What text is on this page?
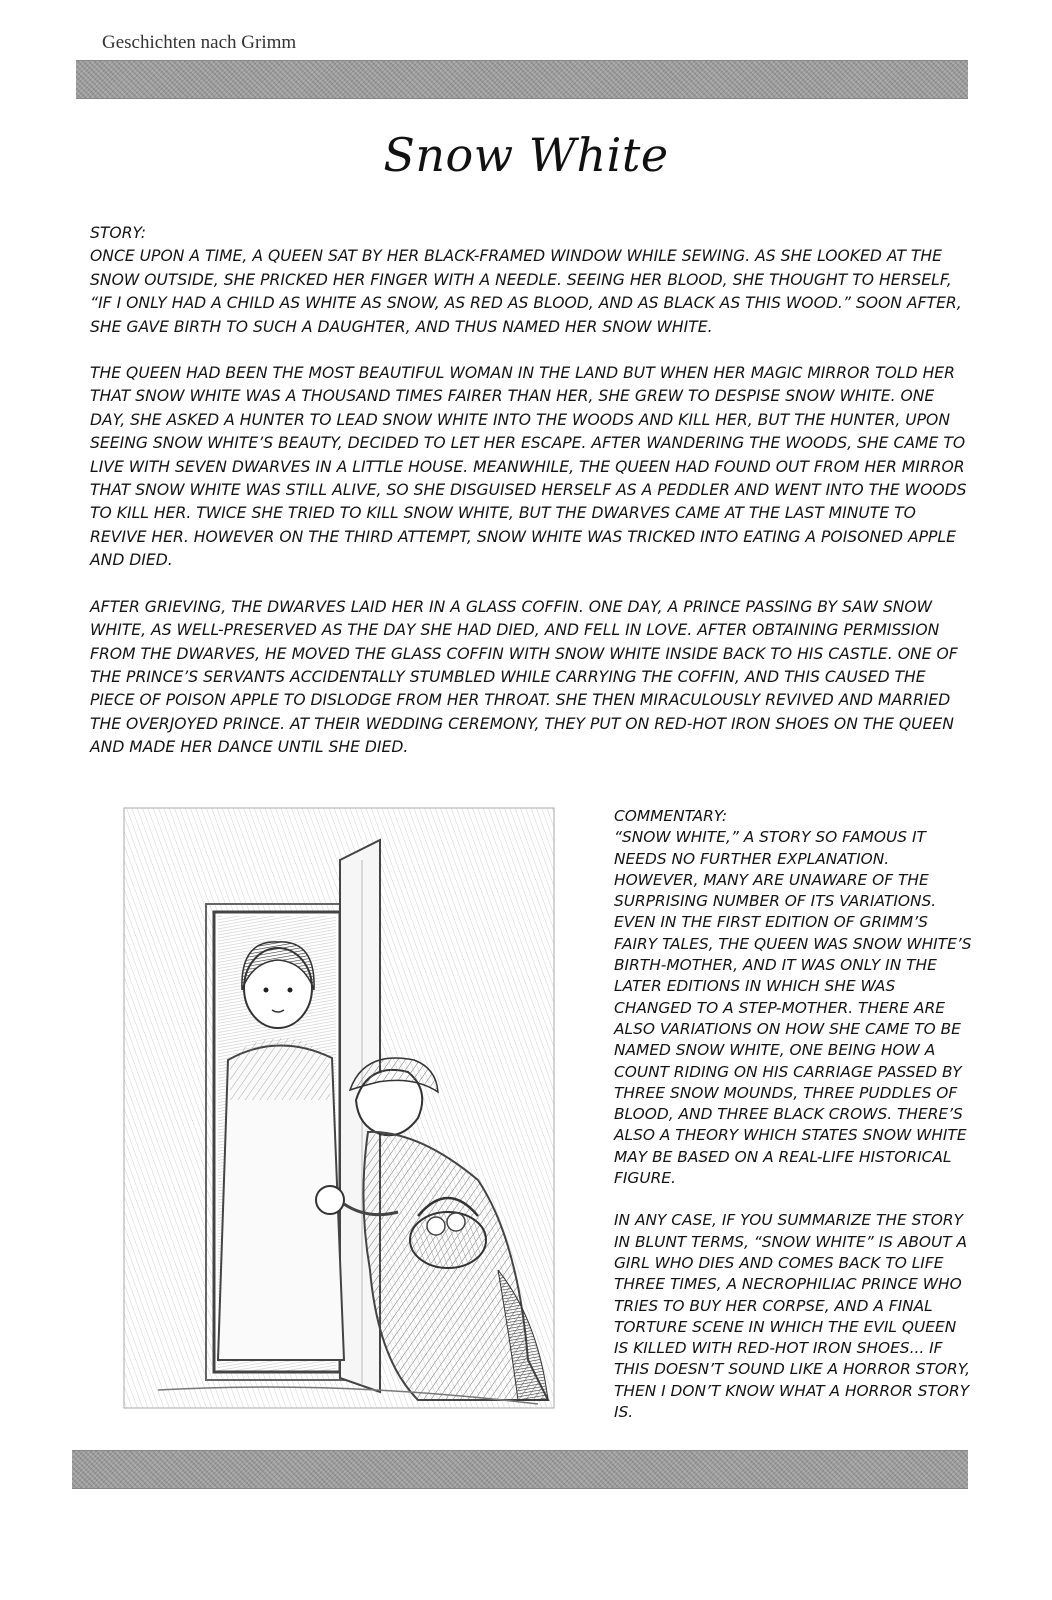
Geschichten nach Grimm
Snow White
STORY:

ONCE UPON A TIME, A QUEEN SAT BY HER BLACK-FRAMED WINDOW WHILE SEWING. AS SHE LOOKED AT THE SNOW OUTSIDE, SHE PRICKED HER FINGER WITH A NEEDLE. SEEING HER BLOOD, SHE THOUGHT TO HERSELF, “IF I ONLY HAD A CHILD AS WHITE AS SNOW, AS RED AS BLOOD, AND AS BLACK AS THIS WOOD.” SOON AFTER, SHE GAVE BIRTH TO SUCH A DAUGHTER, AND THUS NAMED HER SNOW WHITE.

THE QUEEN HAD BEEN THE MOST BEAUTIFUL WOMAN IN THE LAND BUT WHEN HER MAGIC MIRROR TOLD HER THAT SNOW WHITE WAS A THOUSAND TIMES FAIRER THAN HER, SHE GREW TO DESPISE SNOW WHITE. ONE DAY, SHE ASKED A HUNTER TO LEAD SNOW WHITE INTO THE WOODS AND KILL HER, BUT THE HUNTER, UPON SEEING SNOW WHITE’S BEAUTY, DECIDED TO LET HER ESCAPE. AFTER WANDERING THE WOODS, SHE CAME TO LIVE WITH SEVEN DWARVES IN A LITTLE HOUSE. MEANWHILE, THE QUEEN HAD FOUND OUT FROM HER MIRROR THAT SNOW WHITE WAS STILL ALIVE, SO SHE DISGUISED HERSELF AS A PEDDLER AND WENT INTO THE WOODS TO KILL HER. TWICE SHE TRIED TO KILL SNOW WHITE, BUT THE DWARVES CAME AT THE LAST MINUTE TO REVIVE HER. HOWEVER ON THE THIRD ATTEMPT, SNOW WHITE WAS TRICKED INTO EATING A POISONED APPLE AND DIED.

AFTER GRIEVING, THE DWARVES LAID HER IN A GLASS COFFIN. ONE DAY, A PRINCE PASSING BY SAW SNOW WHITE, AS WELL-PRESERVED AS THE DAY SHE HAD DIED, AND FELL IN LOVE. AFTER OBTAINING PERMISSION FROM THE DWARVES, HE MOVED THE GLASS COFFIN WITH SNOW WHITE INSIDE BACK TO HIS CASTLE. ONE OF THE PRINCE’S SERVANTS ACCIDENTALLY STUMBLED WHILE CARRYING THE COFFIN, AND THIS CAUSED THE PIECE OF POISON APPLE TO DISLODGE FROM HER THROAT. SHE THEN MIRACULOUSLY REVIVED AND MARRIED THE OVERJOYED PRINCE. AT THEIR WEDDING CEREMONY, THEY PUT ON RED-HOT IRON SHOES ON THE QUEEN AND MADE HER DANCE UNTIL SHE DIED.

COMMENTARY:

“SNOW WHITE,” A STORY SO FAMOUS IT NEEDS NO FURTHER EXPLANATION. HOWEVER, MANY ARE UNAWARE OF THE SURPRISING NUMBER OF ITS VARIATIONS. EVEN IN THE FIRST EDITION OF GRIMM’S FAIRY TALES, THE QUEEN WAS SNOW WHITE’S BIRTH-MOTHER, AND IT WAS ONLY IN THE LATER EDITIONS IN WHICH SHE WAS CHANGED TO A STEP-MOTHER. THERE ARE ALSO VARIATIONS ON HOW SHE CAME TO BE NAMED SNOW WHITE, ONE BEING HOW A COUNT RIDING ON HIS CARRIAGE PASSED BY THREE SNOW MOUNDS, THREE PUDDLES OF BLOOD, AND THREE BLACK CROWS. THERE’S ALSO A THEORY WHICH STATES SNOW WHITE MAY BE BASED ON A REAL-LIFE HISTORICAL FIGURE.

IN ANY CASE, IF YOU SUMMARIZE THE STORY IN BLUNT TERMS, “SNOW WHITE” IS ABOUT A GIRL WHO DIES AND COMES BACK TO LIFE THREE TIMES, A NECROPHILIAC PRINCE WHO TRIES TO BUY HER CORPSE, AND A FINAL TORTURE SCENE IN WHICH THE EVIL QUEEN IS KILLED WITH RED-HOT IRON SHOES... IF THIS DOESN’T SOUND LIKE A HORROR STORY, THEN I DON’T KNOW WHAT A HORROR STORY IS.
